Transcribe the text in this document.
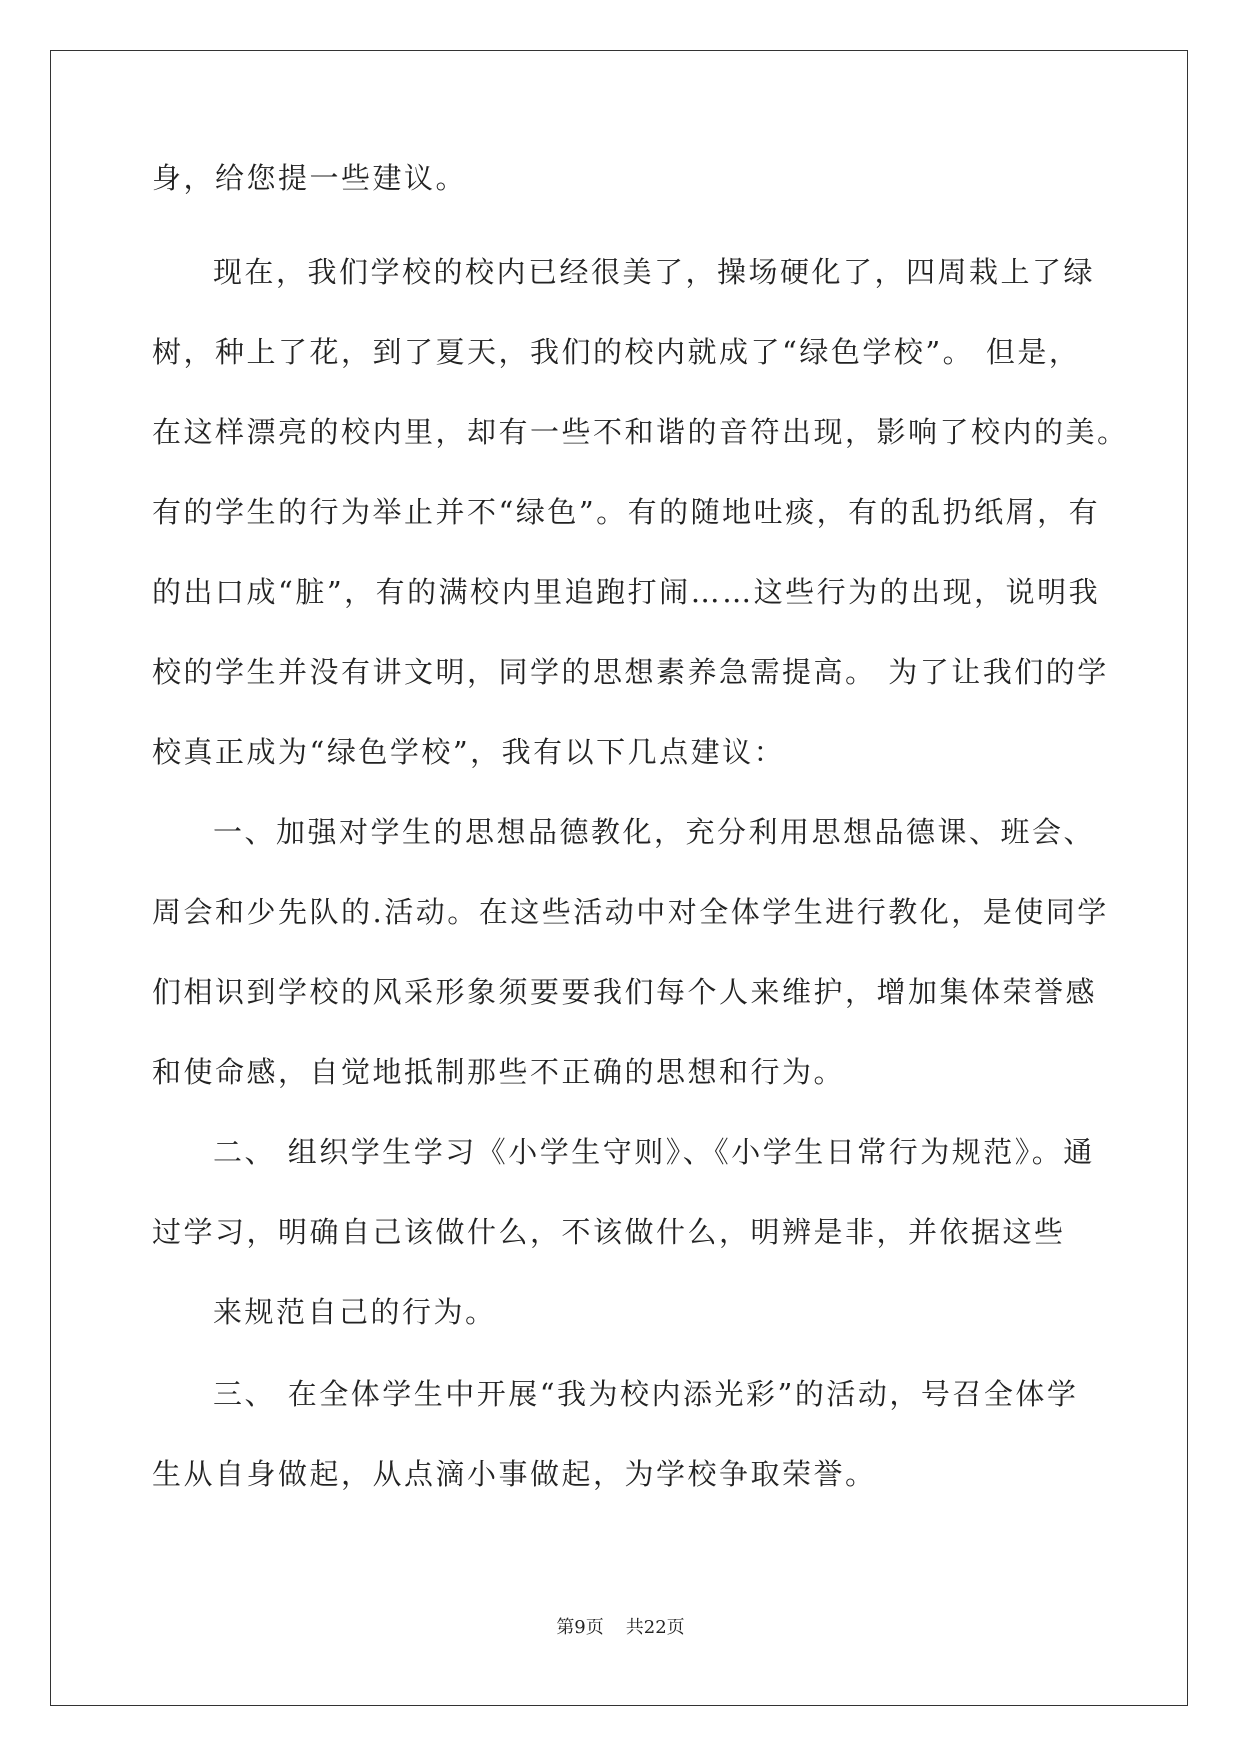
身，给您提一些建议。
现在，我们学校的校内已经很美了，操场硬化了，四周栽上了绿
树，种上了花，到了夏天，我们的校内就成了“绿色学校”。 但是，
在这样漂亮的校内里，却有一些不和谐的音符出现，影响了校内的美。
有的学生的行为举止并不“绿色”。有的随地吐痰，有的乱扔纸屑，有
的出口成“脏”，有的满校内里追跑打闹……这些行为的出现，说明我
校的学生并没有讲文明，同学的思想素养急需提高。 为了让我们的学
校真正成为“绿色学校”，我有以下几点建议：
一、加强对学生的思想品德教化，充分利用思想品德课、班会、
周会和少先队的.活动。在这些活动中对全体学生进行教化，是使同学
们相识到学校的风采形象须要要我们每个人来维护，增加集体荣誉感
和使命感，自觉地抵制那些不正确的思想和行为。
二、 组织学生学习《小学生守则》、《小学生日常行为规范》。通
过学习，明确自己该做什么，不该做什么，明辨是非，并依据这些
来规范自己的行为。
三、 在全体学生中开展“我为校内添光彩”的活动，号召全体学
生从自身做起，从点滴小事做起，为学校争取荣誉。
第9页 共22页
